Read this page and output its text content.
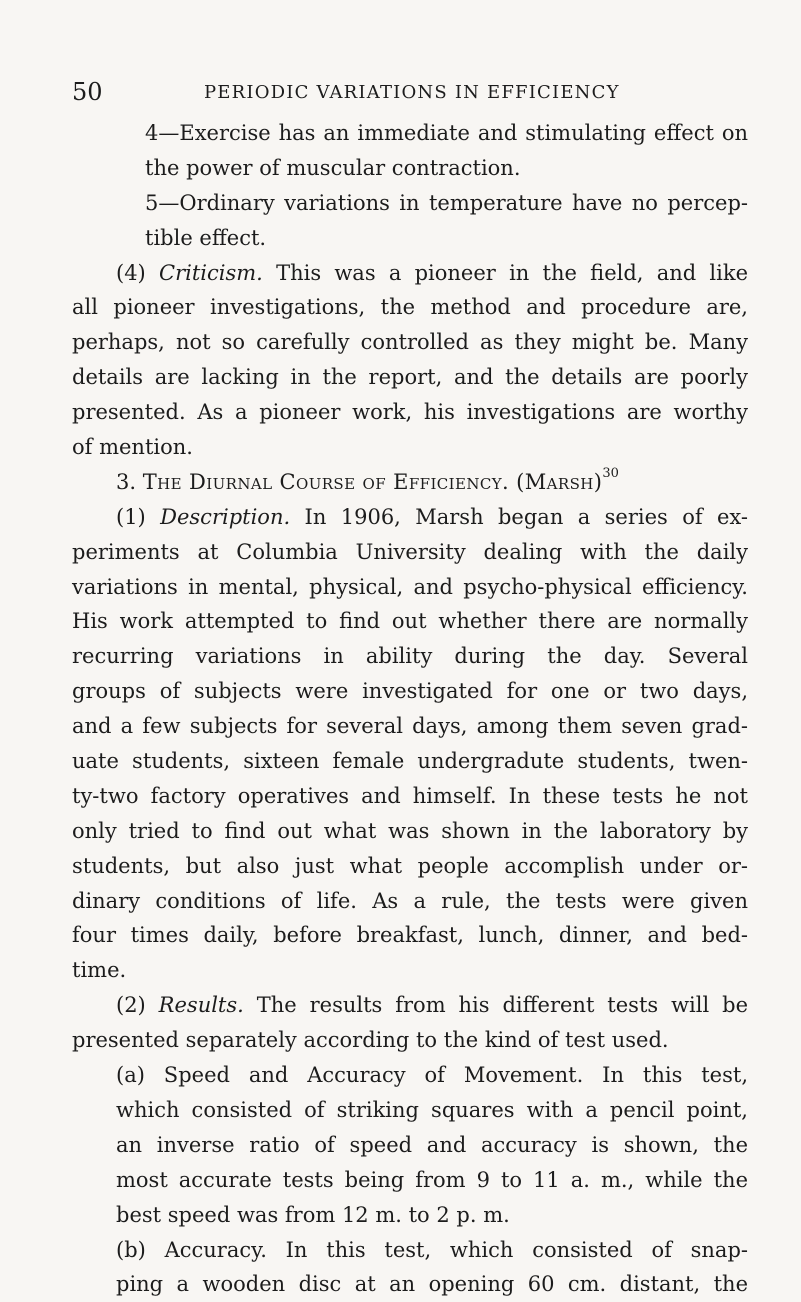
50	PERIODIC VARIATIONS IN EFFICIENCY
4—Exercise has an immediate and stimulating effect on
the power of muscular contraction.
5—Ordinary variations in temperature have no percep-
tible effect.
(4) Criticism. This was a pioneer in the field, and like
all pioneer investigations, the method and procedure are,
perhaps, not so carefully controlled as they might be. Many
details are lacking in the report, and the details are poorly
presented. As a pioneer work, his investigations are worthy
of mention.
3. The Diurnal Course of Efficiency. (Marsh)$^{30}$
(1) Description. In 1906, Marsh began a series of ex-
periments at Columbia University dealing with the daily
variations in mental, physical, and psycho-physical efficiency.
His work attempted to find out whether there are normally
recurring variations in ability during the day. Several
groups of subjects were investigated for one or two days,
and a few subjects for several days, among them seven grad-
uate students, sixteen female undergradute students, twen-
ty-two factory operatives and himself. In these tests he not
only tried to find out what was shown in the laboratory by
students, but also just what people accomplish under or-
dinary conditions of life. As a rule, the tests were given
four times daily, before breakfast, lunch, dinner, and bed-
time.
(2) Results. The results from his different tests will be
presented separately according to the kind of test used.
(a) Speed and Accuracy of Movement. In this test,
which consisted of striking squares with a pencil point,
an inverse ratio of speed and accuracy is shown, the
most accurate tests being from 9 to 11 a. m., while the
best speed was from 12 m. to 2 p. m.
(b) Accuracy. In this test, which consisted of snap-
ping a wooden disc at an opening 60 cm. distant, the
